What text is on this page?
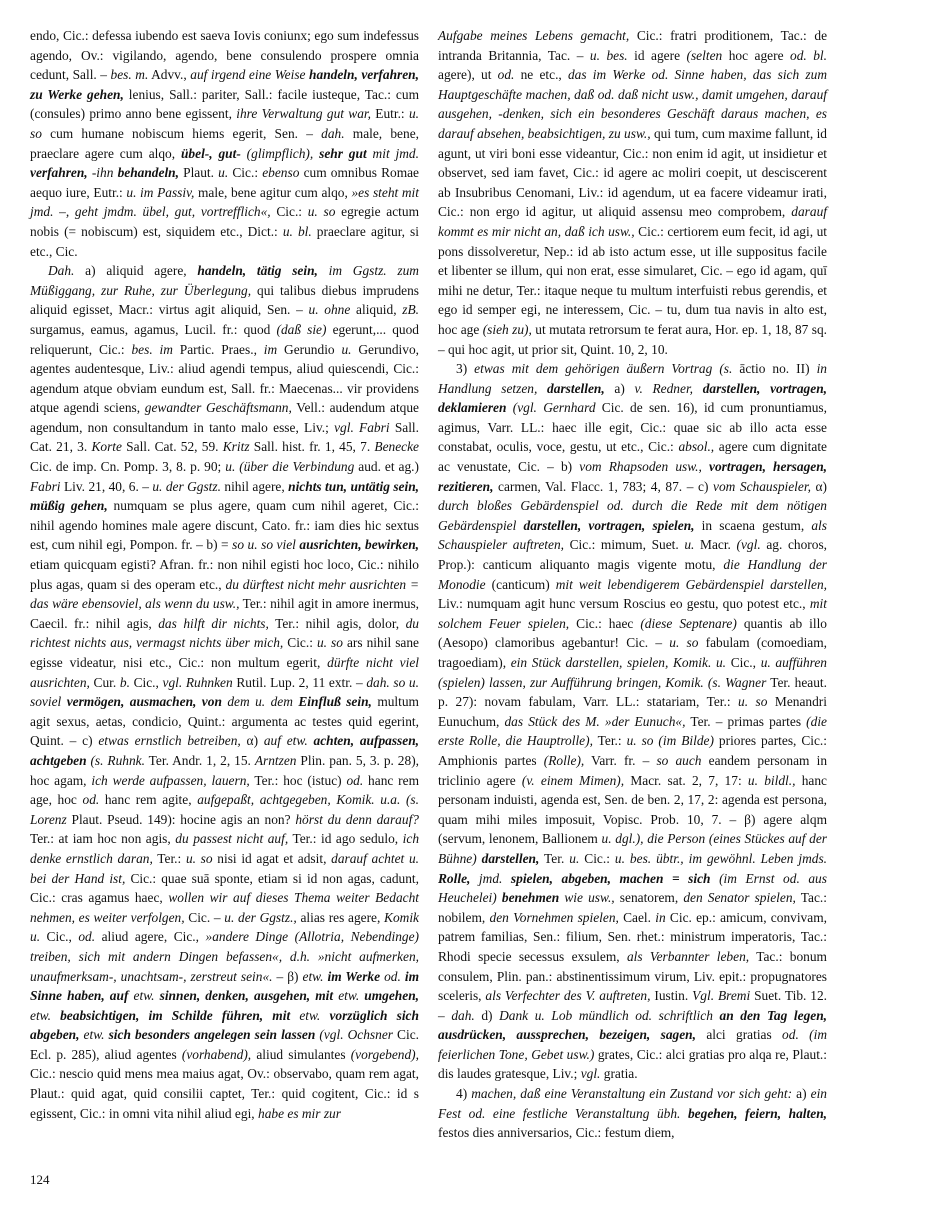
endo, Cic.: defessa iubendo est saeva Iovis coniunx; ego sum indefessus agendo, Ov.: vigilando, agendo, bene consulendo prospere omnia cedunt, Sall. – bes. m. Advv., auf irgend eine Weise handeln, verfahren, zu Werke gehen, lenius, Sall.: pariter, Sall.: facile iusteque, Tac.: cum (consules) primo anno bene egissent, ihre Verwaltung gut war, Eutr.: u. so cum humane nobiscum hiems egerit, Sen. – dah. male, bene, praeclare agere cum alqo, übel-, gut- (glimpflich), sehr gut mit jmd. verfahren, -ihn behandeln, Plaut. u. Cic.: ebenso cum omnibus Romae aequo iure, Eutr.: u. im Passiv, male, bene agitur cum alqo, »es steht mit jmd. –, geht jmdm. übel, gut, vortrefflich«, Cic.: u. so egregie actum nobis (= nobiscum) est, siquidem etc., Dict.: u. bl. praeclare agitur, si etc., Cic.

Dah. a) aliquid agere, handeln, tätig sein, im Ggstz. zum Müßiggang, zur Ruhe, zur Überlegung, qui talibus diebus imprudens aliquid egisset, Macr.: virtus agit aliquid, Sen. – u. ohne aliquid, zB. surgamus, eamus, agamus, Lucil. fr.: quod (daß sie) egerunt,... quod reliquerunt, Cic.: bes. im Partic. Praes., im Gerundio u. Gerundivo, agentes audentesque, Liv.: aliud agendi tempus, aliud quiescendi, Cic.: agendum atque obviam eundum est, Sall. fr.: Maecenas... vir providens atque agendi sciens, gewandter Geschäftsmann, Vell.: audendum atque agendum, non consultandum in tanto malo esse, Liv.; vgl. Fabri Sall. Cat. 21, 3. Korte Sall. Cat. 52, 59. Kritz Sall. hist. fr. 1, 45, 7. Benecke Cic. de imp. Cn. Pomp. 3, 8. p. 90; u. (über die Verbindung aud. et ag.) Fabri Liv. 21, 40, 6. – u. der Ggstz. nihil agere, nichts tun, untätig sein, müßig gehen, numquam se plus agere, quam cum nihil ageret, Cic.: nihil agendo homines male agere discunt, Cato. fr.: iam dies hic sextus est, cum nihil egi, Pompon. fr. – b) = so u. so viel ausrichten, bewirken, etiam quicquam egisti? Afran. fr.: non nihil egisti hoc loco, Cic.: nihilo plus agas, quam si des operam etc., du dürftest nicht mehr ausrichten = das wäre ebensoviel, als wenn du usw., Ter.: nihil agit in amore inermus, Caecil. fr.: nihil agis, das hilft dir nichts, Ter.: nihil agis, dolor, du richtest nichts aus, vermagst nichts über mich, Cic.: u. so ars nihil sane egisse videatur, nisi etc., Cic.: non multum egerit, dürfte nicht viel ausrichten, Cur. b. Cic., vgl. Ruhnken Rutil. Lup. 2, 11 extr. – dah. so u. soviel vermögen, ausmachen, von dem u. dem Einfluß sein, multum agit sexus, aetas, condicio, Quint.: argumenta ac testes quid egerint, Quint. – c) etwas ernstlich betreiben, α) auf etw. achten, aufpassen, achtgeben (s. Ruhnk. Ter. Andr. 1, 2, 15. Arntzen Plin. pan. 5, 3. p. 28), hoc agam, ich werde aufpassen, lauern, Ter.: hoc (istuc) od. hanc rem age, hoc od. hanc rem agite, aufgepaßt, achtgegeben, Komik. u.a. (s. Lorenz Plaut. Pseud. 149): hocine agis an non? hörst du denn darauf? Ter.: at iam hoc non agis, du passest nicht auf, Ter.: id ago sedulo, ich denke ernstlich daran, Ter.: u. so nisi id agat et adsit, darauf achtet u. bei der Hand ist, Cic.: quae suā sponte, etiam si id non agas, cadunt, Cic.: cras agamus haec, wollen wir auf dieses Thema weiter Bedacht nehmen, es weiter verfolgen, Cic. – u. der Ggstz., alias res agere, Komik u. Cic., od. aliud agere, Cic., »andere Dinge (Allotria, Nebendinge) treiben, sich mit andern Dingen befassen«, d.h. »nicht aufmerken, unaufmerksam-, unachtsam-, zerstreut sein«. – β) etw. im Werke od. im Sinne haben, auf etw. sinnen, denken, ausgehen, mit etw. umgehen, etw. beabsichtigen, im Schilde führen, mit etw. vorzüglich sich abgeben, etw. sich besonders angelegen sein lassen (vgl. Ochsner Cic. Ecl. p. 285), aliud agentes (vorhabend), aliud simulantes (vorgebend), Cic.: nescio quid mens mea maius agat, Ov.: observabo, quam rem agat, Plaut.: quid agat, quid consilii captet, Ter.: quid cogitent, Cic.: id s egissent, Cic.: in omni vita nihil aliud egi, habe es mir zur

Aufgabe meines Lebens gemacht, Cic.: fratri proditionem, Tac.: de intranda Britannia, Tac. – u. bes. id agere (selten hoc agere od. bl. agere), ut od. ne etc., das im Werke od. Sinne haben, das sich zum Hauptgeschäfte machen, daß od. daß nicht usw., damit umgehen, darauf ausgehen, -denken, sich ein besonderes Geschäft daraus machen, es darauf absehen, beabsichtigen, zu usw., qui tum, cum maxime fallunt, id agunt, ut viri boni esse videantur, Cic.: non enim id agit, ut insidietur et observet, sed iam favet, Cic.: id agere ac moliri coepit, ut desciscerent ab Insubribus Cenomani, Liv.: id agendum, ut ea facere videamur irati, Cic.: non ergo id agitur, ut aliquid assensu meo comprobem, darauf kommt es mir nicht an, daß ich usw., Cic.: certiorem eum fecit, id agi, ut pons dissolveretur, Nep.: id ab isto actum esse, ut ille suppositus facile et libenter se illum, qui non erat, esse simularet, Cic. – ego id agam, quī mihi ne detur, Ter.: itaque neque tu multum interfuisti rebus gerendis, et ego id semper egi, ne interessem, Cic. – tu, dum tua navis in alto est, hoc age (sieh zu), ut mutata retrorsum te ferat aura, Hor. ep. 1, 18, 87 sq. – qui hoc agit, ut prior sit, Quint. 10, 2, 10.

3) etwas mit dem gehörigen äußern Vortrag (s. āctio no. II) in Handlung setzen, darstellen, a) v. Redner, darstellen, vortragen, deklamieren (vgl. Gernhard Cic. de sen. 16), id cum pronuntiamus, agimus, Varr. LL.: haec ille egit, Cic.: quae sic ab illo acta esse constabat, oculis, voce, gestu, ut etc., Cic.: absol., agere cum dignitate ac venustate, Cic. – b) vom Rhapsoden usw., vortragen, hersagen, rezitieren, carmen, Val. Flacc. 1, 783; 4, 87. – c) vom Schauspieler, α) durch bloßes Gebärdenspiel od. durch die Rede mit dem nötigen Gebärdenspiel darstellen, vortragen, spielen, in scaena gestum, als Schauspieler auftreten, Cic.: mimum, Suet. u. Macr. (vgl. ag. choros, Prop.): canticum aliquanto magis vigente motu, die Handlung der Monodie (canticum) mit weit lebendigerem Gebärdenspiel darstellen, Liv.: numquam agit hunc versum Roscius eo gestu, quo potest etc., mit solchem Feuer spielen, Cic.: haec (diese Septenare) quantis ab illo (Aesopo) clamoribus agebantur! Cic. – u. so fabulam (comoediam, tragoediam), ein Stück darstellen, spielen, Komik. u. Cic., u. aufführen (spielen) lassen, zur Aufführung bringen, Komik. (s. Wagner Ter. heaut. p. 27): novam fabulam, Varr. LL.: statariam, Ter.: u. so Menandri Eunuchum, das Stück des M. »der Eunuch«, Ter. – primas partes (die erste Rolle, die Hauptrolle), Ter.: u. so (im Bilde) priores partes, Cic.: Amphionis partes (Rolle), Varr. fr. – so auch eandem personam in triclinio agere (v. einem Mimen), Macr. sat. 2, 7, 17: u. bildl., hanc personam induisti, agenda est, Sen. de ben. 2, 17, 2: agenda est persona, quam mihi miles imposuit, Vopisc. Prob. 10, 7. – β) agere alqm (servum, lenonem, Ballionem u. dgl.), die Person (eines Stückes auf der Bühne) darstellen, Ter. u. Cic.: u. bes. übtr., im gewöhnl. Leben jmds. Rolle, jmd. spielen, abgeben, machen = sich (im Ernst od. aus Heuchelei) benehmen wie usw., senatorem, den Senator spielen, Tac.: nobilem, den Vornehmen spielen, Cael. in Cic. ep.: amicum, convivam, patrem familias, Sen.: filium, Sen. rhet.: ministrum imperatoris, Tac.: Rhodi specie secessus exsulem, als Verbannter leben, Tac.: bonum consulem, Plin. pan.: abstinentissimum virum, Liv. epit.: propugnatores sceleris, als Verfechter des V. auftreten, Iustin. Vgl. Bremi Suet. Tib. 12. – dah. d) Dank u. Lob mündlich od. schriftlich an den Tag legen, ausdrücken, aussprechen, bezeigen, sagen, alci gratias od. (im feierlichen Tone, Gebet usw.) grates, Cic.: alci gratias pro alqa re, Plaut.: dis laudes gratesque, Liv.; vgl. gratia.

4) machen, daß eine Veranstaltung ein Zustand vor sich geht: a) ein Fest od. eine festliche Veranstaltung übh. begehen, feiern, halten, festos dies anniversarios, Cic.: festum diem,

124
